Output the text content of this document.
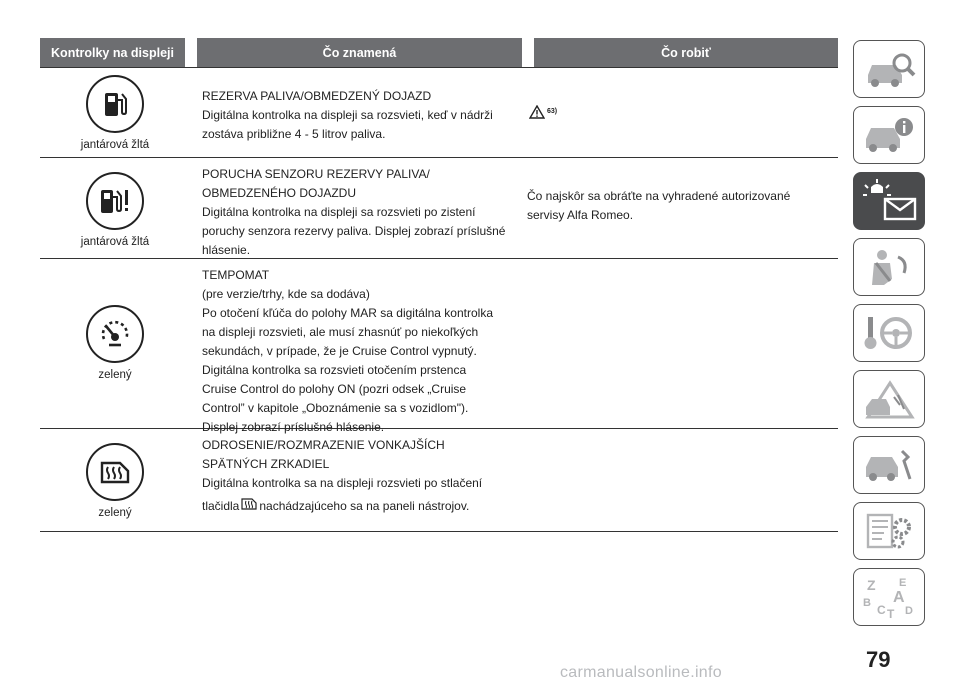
Kontrolky na displeji	Čo znamená	Čo robiť
jantárová žltá
REZERVA PALIVA/OBMEDZENÝ DOJAZD
Digitálna kontrolka na displeji sa rozsvieti, keď v nádrži
zostáva približne 4 - 5 litrov paliva.
63)
jantárová žltá
PORUCHA SENZORU REZERVY PALIVA/
OBMEDZENÉHO DOJAZDU
Digitálna kontrolka na displeji sa rozsvieti po zistení
poruchy senzora rezervy paliva. Displej zobrazí príslušné
hlásenie.
Čo najskôr sa obráťte na vyhradené autorizované
servisy Alfa Romeo.
zelený
TEMPOMAT
(pre verzie/trhy, kde sa dodáva)
Po otočení kľúča do polohy MAR sa digitálna kontrolka
na displeji rozsvieti, ale musí zhasnúť po niekoľkých
sekundách, v prípade, že je Cruise Control vypnutý.
Digitálna kontrolka sa rozsvieti otočením prstenca
Cruise Control do polohy ON (pozri odsek „Cruise
Control” v kapitole „Oboznámenie sa s vozidlom").
Displej zobrazí príslušné hlásenie.
zelený
ODROSENIE/ROZMRAZENIE VONKAJŠÍCH
SPÄTNÝCH ZRKADIEL
Digitálna kontrolka sa na displeji rozsvieti po stlačení
tlačidla nachádzajúceho sa na paneli nástrojov.
Z E
A
B C T D
79
carmanualsonline.info
